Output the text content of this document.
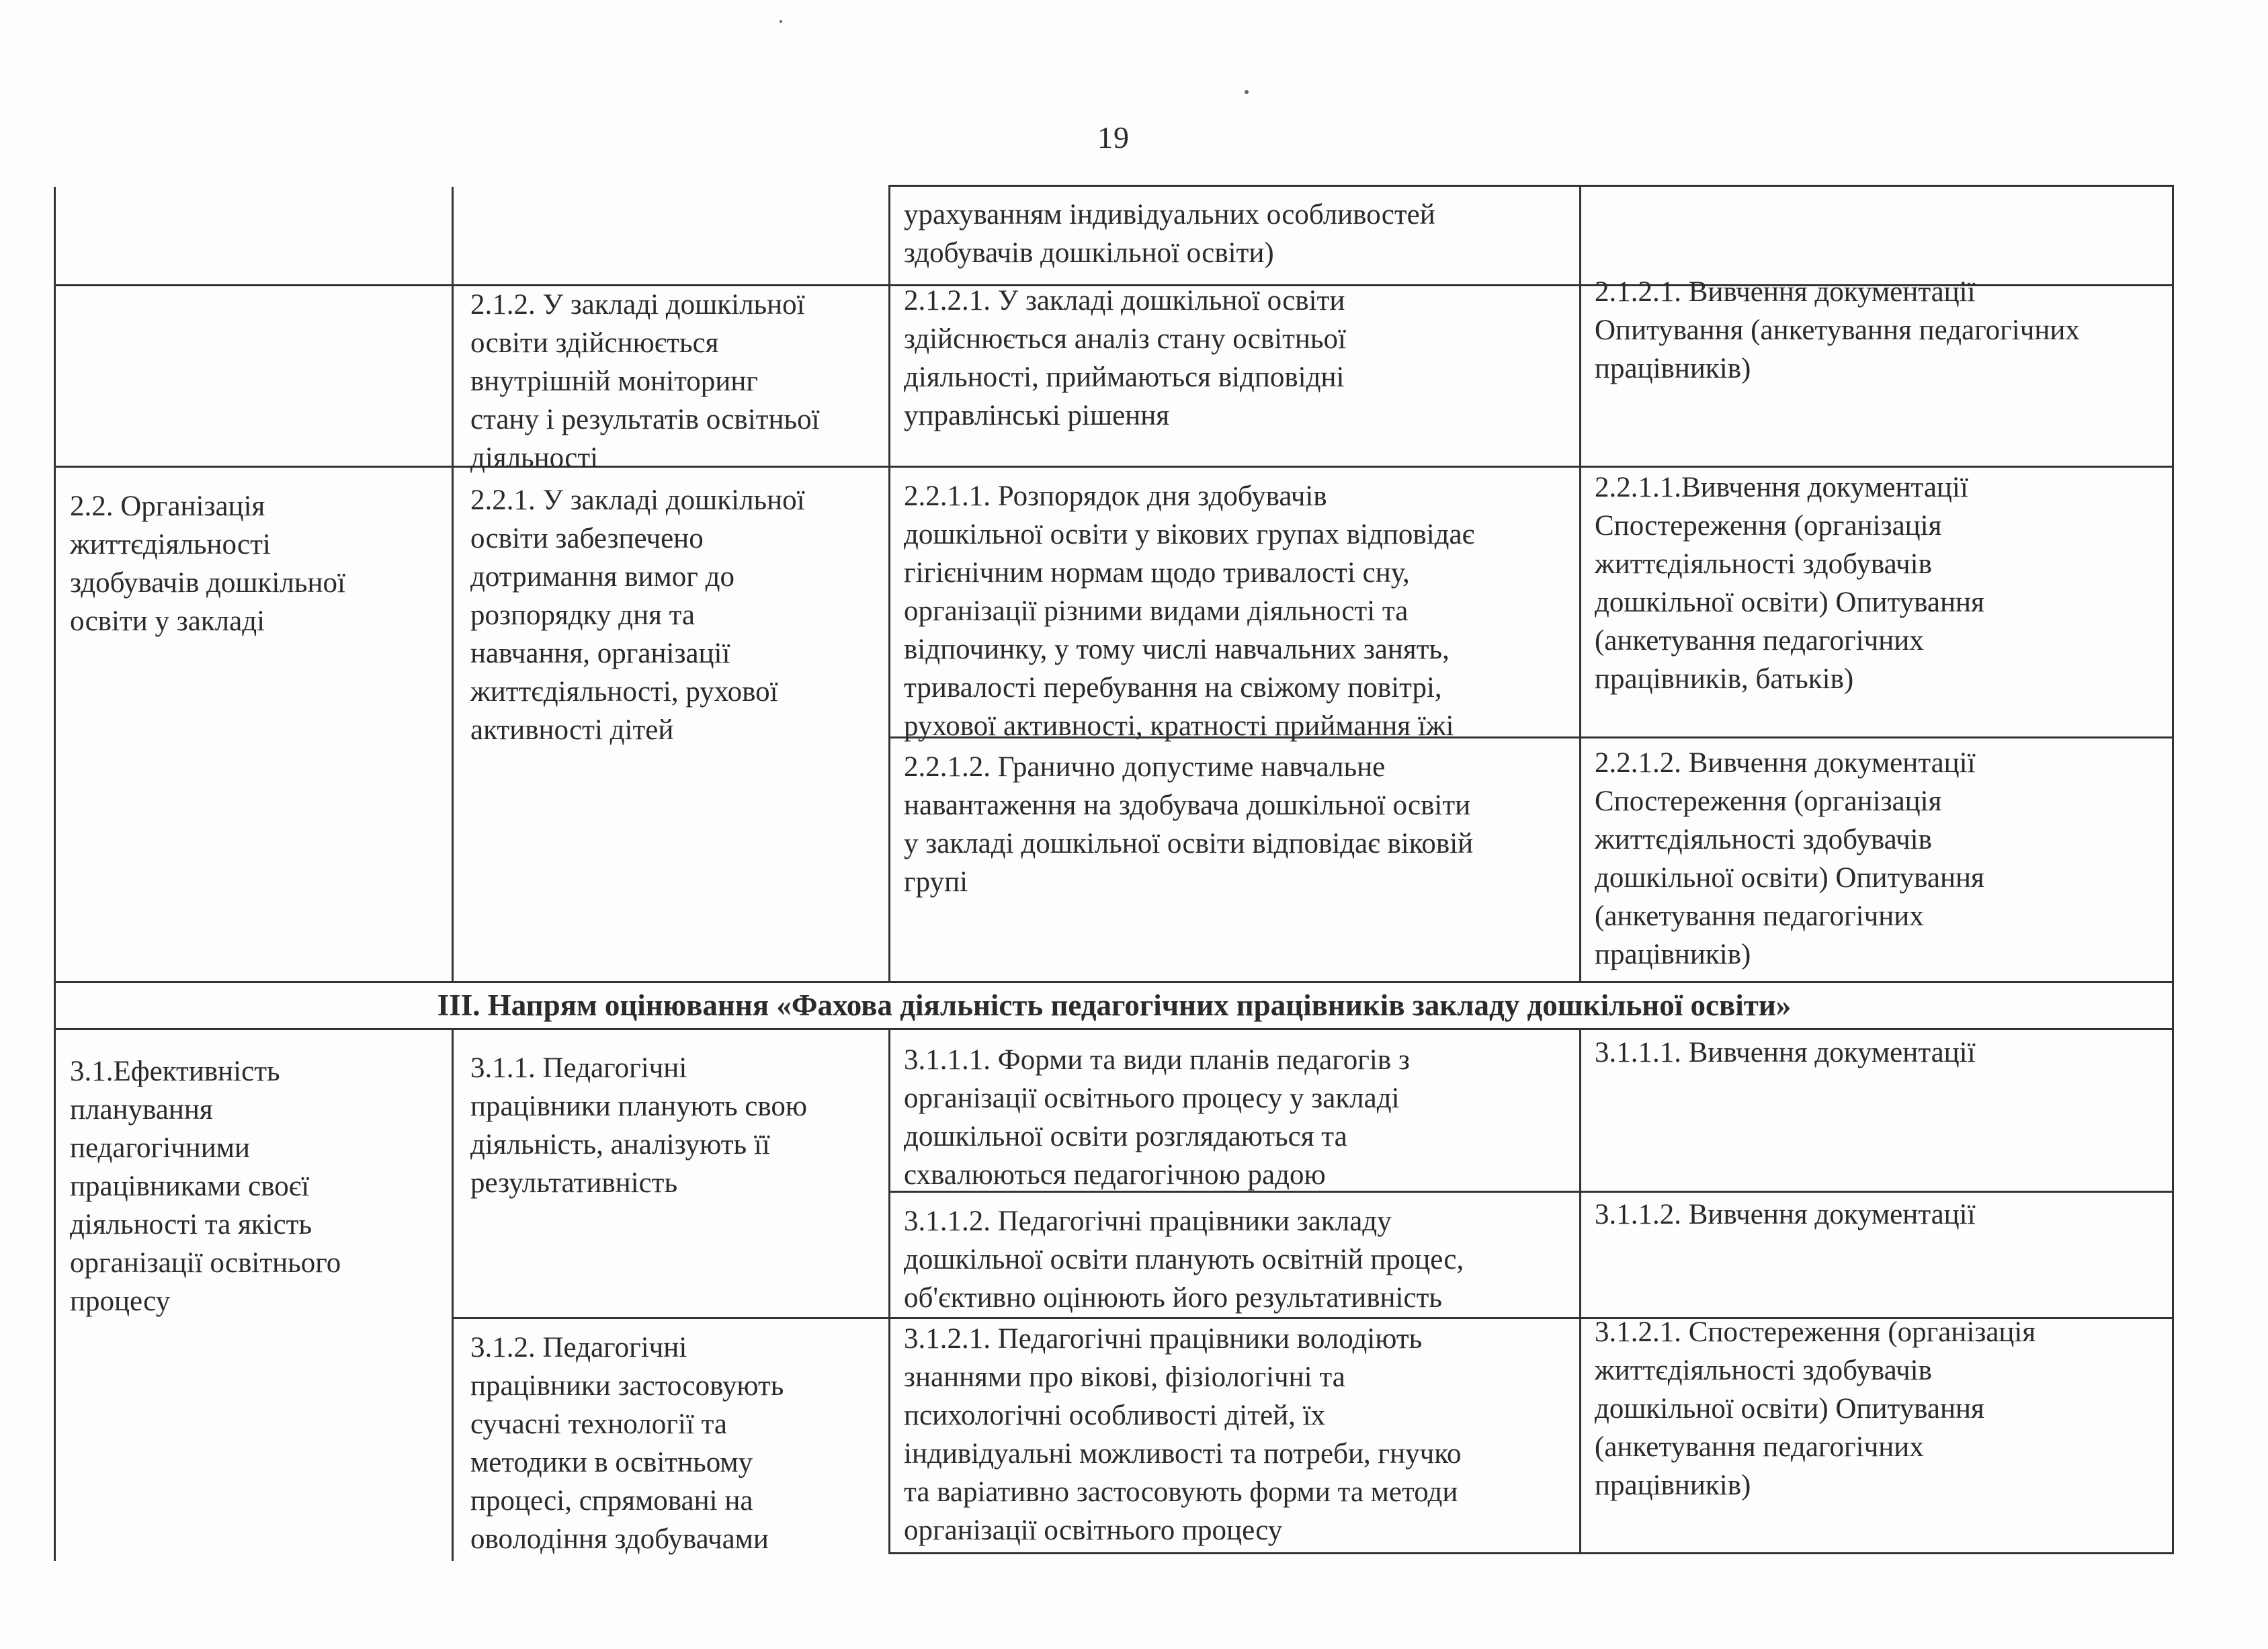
19
урахуванням індивідуальних особливостей
здобувачів дошкільної освіти)
2.1.2. У закладі дошкільної
освіти здійснюється
внутрішній моніторинг
стану і результатів освітньої
діяльності
2.1.2.1. У закладі дошкільної освіти
здійснюється аналіз стану освітньої
діяльності, приймаються відповідні
управлінські рішення
2.1.2.1. Вивчення документації
Опитування (анкетування педагогічних
працівників)
2.2. Організація
життєдіяльності
здобувачів дошкільної
освіти у закладі
2.2.1. У закладі дошкільної
освіти забезпечено
дотримання вимог до
розпорядку дня та
навчання, організації
життєдіяльності, рухової
активності дітей
2.2.1.1. Розпорядок дня здобувачів
дошкільної освіти у вікових групах відповідає
гігієнічним нормам щодо тривалості сну,
організації різними видами діяльності та
відпочинку, у тому числі навчальних занять,
тривалості перебування на свіжому повітрі,
рухової активності, кратності приймання їжі
2.2.1.1.Вивчення документації
Спостереження (організація
життєдіяльності здобувачів
дошкільної освіти) Опитування
(анкетування педагогічних
працівників, батьків)
2.2.1.2. Гранично допустиме навчальне
навантаження на здобувача дошкільної освіти
у закладі дошкільної освіти відповідає віковій
групі
2.2.1.2. Вивчення документації
Спостереження (організація
життєдіяльності здобувачів
дошкільної освіти) Опитування
(анкетування педагогічних
працівників)
ІІІ. Напрям оцінювання «Фахова діяльність педагогічних працівників закладу дошкільної освіти»
3.1.Ефективність
планування
педагогічними
працівниками своєї
діяльності та якість
організації освітнього
процесу
3.1.1. Педагогічні
працівники планують свою
діяльність, аналізують її
результативність
3.1.1.1. Форми та види планів педагогів з
організації освітнього процесу у закладі
дошкільної освіти розглядаються та
схвалюються педагогічною радою
3.1.1.1. Вивчення документації
3.1.1.2. Педагогічні працівники закладу
дошкільної освіти планують освітній процес,
об'єктивно оцінюють його результативність
3.1.1.2. Вивчення документації
3.1.2. Педагогічні
працівники застосовують
сучасні технології та
методики в освітньому
процесі, спрямовані на
оволодіння здобувачами
3.1.2.1. Педагогічні працівники володіють
знаннями про вікові, фізіологічні та
психологічні особливості дітей, їх
індивідуальні можливості та потреби, гнучко
та варіативно застосовують форми та методи
організації освітнього процесу
3.1.2.1. Спостереження (організація
життєдіяльності здобувачів
дошкільної освіти) Опитування
(анкетування педагогічних
працівників)
